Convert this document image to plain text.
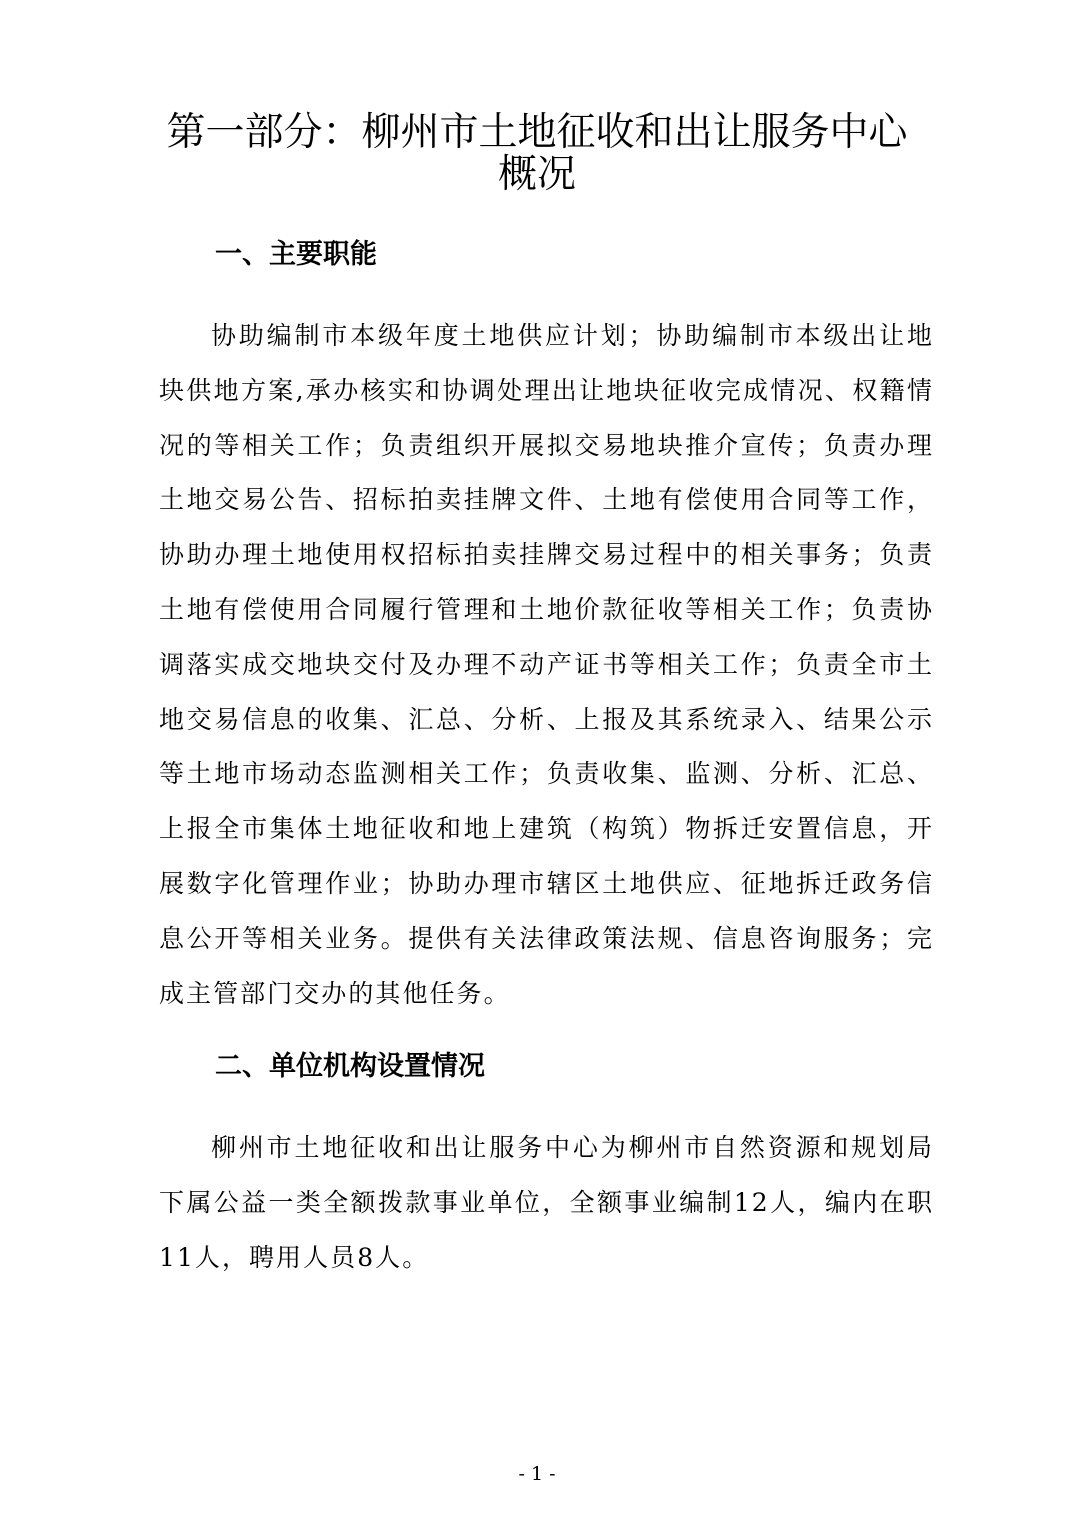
第一部分：柳州市土地征收和出让服务中心
概况
一、主要职能

协助编制市本级年度土地供应计划；协助编制市本级出让地块供地方案,承办核实和协调处理出让地块征收完成情况、权籍情况的等相关工作；负责组织开展拟交易地块推介宣传；负责办理土地交易公告、招标拍卖挂牌文件、土地有偿使用合同等工作，协助办理土地使用权招标拍卖挂牌交易过程中的相关事务；负责土地有偿使用合同履行管理和土地价款征收等相关工作；负责协调落实成交地块交付及办理不动产证书等相关工作；负责全市土地交易信息的收集、汇总、分析、上报及其系统录入、结果公示等土地市场动态监测相关工作；负责收集、监测、分析、汇总、上报全市集体土地征收和地上建筑（构筑）物拆迁安置信息，开展数字化管理作业；协助办理市辖区土地供应、征地拆迁政务信息公开等相关业务。提供有关法律政策法规、信息咨询服务；完成主管部门交办的其他任务。

二、单位机构设置情况

柳州市土地征收和出让服务中心为柳州市自然资源和规划局下属公益一类全额拨款事业单位，全额事业编制12人，编内在职11人，聘用人员8人。

- 1 -
